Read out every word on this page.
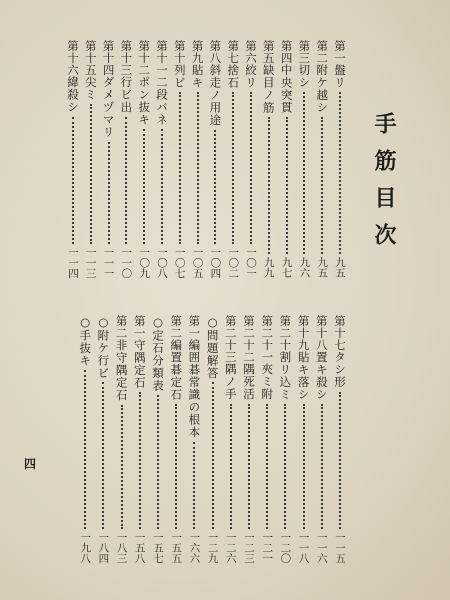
手筋目次
四
第一
盤リ
九五
第二
附ケ越シ
九五
第三
切シ
九六
第四
中央突貫
九七
第五
缺目ノ筋
九九
第六
絞リ
一〇一
第七
捨石
一〇二
第八
斜走ノ用途
一〇四
第九
貼キ
一〇五
第十
列ビ
一〇七
第十一
二段バネ
一〇八
第十二
ポン抜キ
一〇九
第十三
行ビ出
一一〇
第十四
ダメヅマリ
一一一
第十五
尖ミ
一一三
第十六
緯殺シ
一一四
第十七
タシ形
一一五
第十八
置キ殺シ
一一六
第十九
貼キ落シ
一一八
第二十
割リ込ミ
一二〇
第二十一
夾ミ附
一二一
第二十二
隅死活
一二三
第二十三
隅ノ手
一二六
○問
題解答
一二九
第一編
囲碁常識の根本
一六六
第二編
置碁定石
一五五
○定
石分類表
一五七
第一
守隅定石
一五八
第二
非守隅定石
一八三
○附
ケ行ビ
一八四
○手
抜キ
一九八
